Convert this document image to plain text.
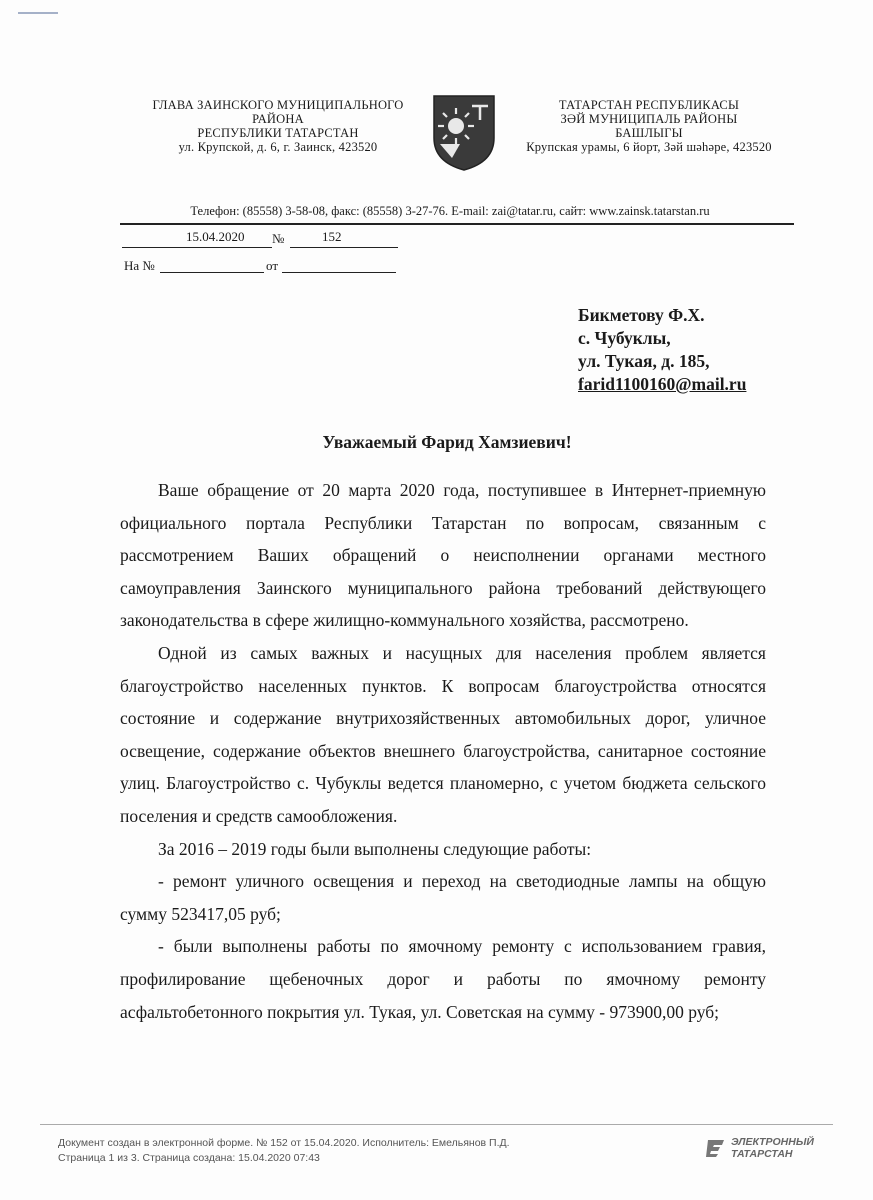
ГЛАВА ЗАИНСКОГО МУНИЦИПАЛЬНОГО
РАЙОНА
РЕСПУБЛИКИ ТАТАРСТАН
ул. Крупской, д. 6, г. Заинск, 423520
ТАТАРСТАН РЕСПУБЛИКАСЫ
ЗӘЙ МУНИЦИПАЛЬ РАЙОНЫ
БАШЛЫГЫ
Крупская урамы, 6 йорт, Зәй шәһәре, 423520
Телефон: (85558) 3-58-08, факс: (85558) 3-27-76. E-mail: zai@tatar.ru, сайт: www.zainsk.tatarstan.ru
15.04.2020 №	152
На №	от
Бикметову Ф.Х.
с. Чубуклы,
ул. Тукая, д. 185,
farid1100160@mail.ru
Уважаемый Фарид Хамзиевич!

Ваше обращение от 20 марта 2020 года, поступившее в Интернет-приемную официального портала Республики Татарстан по вопросам, связанным с рассмотрением Ваших обращений о неисполнении органами местного самоуправления Заинского муниципального района требований действующего законодательства в сфере жилищно-коммунального хозяйства, рассмотрено.

Одной из самых важных и насущных для населения проблем является благоустройство населенных пунктов. К вопросам благоустройства относятся состояние и содержание внутрихозяйственных автомобильных дорог, уличное освещение, содержание объектов внешнего благоустройства, санитарное состояние улиц. Благоустройство с. Чубуклы ведется планомерно, с учетом бюджета сельского поселения и средств самообложения.

За 2016 – 2019 годы были выполнены следующие работы:

- ремонт уличного освещения и переход на светодиодные лампы на общую сумму 523417,05 руб;

- были выполнены работы по ямочному ремонту с использованием гравия, профилирование щебеночных дорог и работы по ямочному ремонту асфальтобетонного покрытия ул. Тукая, ул. Советская на сумму - 973900,00 руб;

Документ создан в электронной форме. № 152 от 15.04.2020. Исполнитель: Емельянов П.Д.
Страница 1 из 3. Страница создана: 15.04.2020 07:43
ЭЛЕКТРОННЫЙ
ТАТАРСТАН
